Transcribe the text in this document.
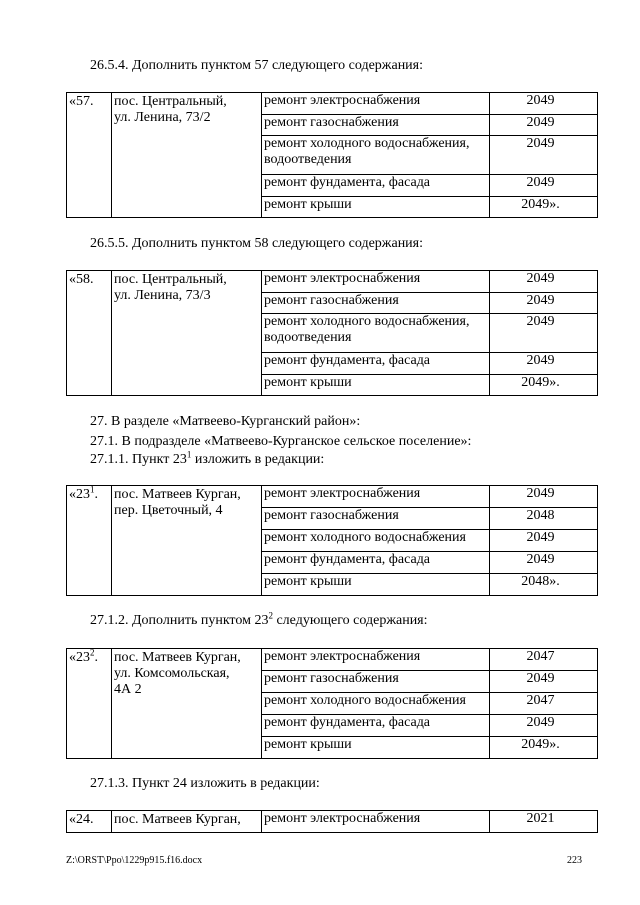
26.5.4. Дополнить пунктом 57 следующего содержания:
«57.	пос. Центральный,
ул. Ленина, 73/2	ремонт электроснабжения	2049
		ремонт газоснабжения	2049
		ремонт холодного водоснабжения,
водоотведения	2049
		ремонт фундамента, фасада	2049
		ремонт крыши	2049».
26.5.5. Дополнить пунктом 58 следующего содержания:
«58.	пос. Центральный,
ул. Ленина, 73/3	ремонт электроснабжения	2049
		ремонт газоснабжения	2049
		ремонт холодного водоснабжения,
водоотведения	2049
		ремонт фундамента, фасада	2049
		ремонт крыши	2049».
27. В разделе «Матвеево-Курганский район»:
27.1. В подразделе «Матвеево-Курганское сельское поселение»:
27.1.1. Пункт $23^1$ изложить в редакции:
«$23^1$.	пос. Матвеев Курган,
пер. Цветочный, 4	ремонт электроснабжения	2049
		ремонт газоснабжения	2048
		ремонт холодного водоснабжения	2049
		ремонт фундамента, фасада	2049
		ремонт крыши	2048».
27.1.2. Дополнить пунктом $23^2$ следующего содержания:
«$23^2$.	пос. Матвеев Курган,
ул. Комсомольская,
4А 2	ремонт электроснабжения	2047
		ремонт газоснабжения	2049
		ремонт холодного водоснабжения	2047
		ремонт фундамента, фасада	2049
		ремонт крыши	2049».
27.1.3. Пункт 24 изложить в редакции:
«24.	пос. Матвеев Курган,	ремонт электроснабжения	2021
Z:\ORST\Ppo\1229p915.f16.docx	223
